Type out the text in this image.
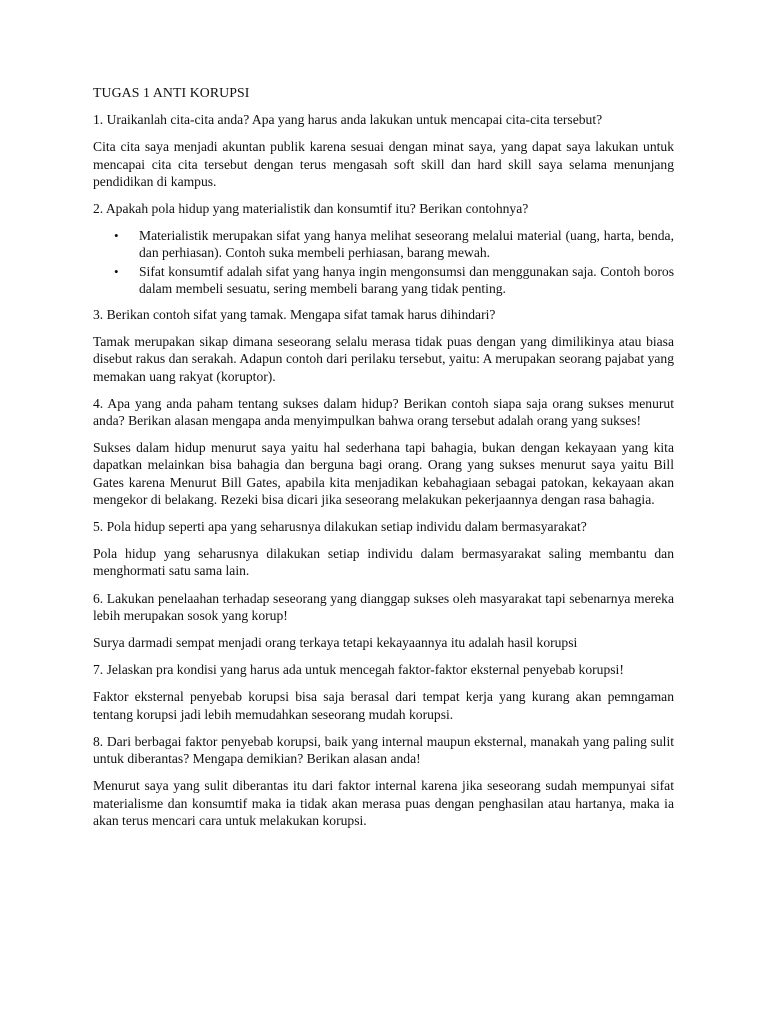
TUGAS 1 ANTI KORUPSI

1. Uraikanlah cita-cita anda? Apa yang harus anda lakukan untuk mencapai cita-cita tersebut?

Cita cita saya menjadi akuntan publik karena sesuai dengan minat saya, yang dapat saya lakukan untuk mencapai cita cita tersebut dengan terus mengasah soft skill dan hard skill saya selama menunjang pendidikan di kampus.

2. Apakah pola hidup yang materialistik dan konsumtif itu? Berikan contohnya?

• Materialistik merupakan sifat yang hanya melihat seseorang melalui material (uang, harta, benda, dan perhiasan). Contoh suka membeli perhiasan, barang mewah.
• Sifat konsumtif adalah sifat yang hanya ingin mengonsumsi dan menggunakan saja. Contoh boros dalam membeli sesuatu, sering membeli barang yang tidak penting.

3. Berikan contoh sifat yang tamak. Mengapa sifat tamak harus dihindari?

Tamak merupakan sikap dimana seseorang selalu merasa tidak puas dengan yang dimilikinya atau biasa disebut rakus dan serakah. Adapun contoh dari perilaku tersebut, yaitu: A merupakan seorang pajabat yang memakan uang rakyat (koruptor).

4. Apa yang anda paham tentang sukses dalam hidup? Berikan contoh siapa saja orang sukses menurut anda? Berikan alasan mengapa anda menyimpulkan bahwa orang tersebut adalah orang yang sukses!

Sukses dalam hidup menurut saya yaitu hal sederhana tapi bahagia, bukan dengan kekayaan yang kita dapatkan melainkan bisa bahagia dan berguna bagi orang. Orang yang sukses menurut saya yaitu Bill Gates karena Menurut Bill Gates, apabila kita menjadikan kebahagiaan sebagai patokan, kekayaan akan mengekor di belakang. Rezeki bisa dicari jika seseorang melakukan pekerjaannya dengan rasa bahagia.

5. Pola hidup seperti apa yang seharusnya dilakukan setiap individu dalam bermasyarakat?

Pola hidup yang seharusnya dilakukan setiap individu dalam bermasyarakat saling membantu dan menghormati satu sama lain.

6. Lakukan penelaahan terhadap seseorang yang dianggap sukses oleh masyarakat tapi sebenarnya mereka lebih merupakan sosok yang korup!

Surya darmadi sempat menjadi orang terkaya tetapi kekayaannya itu adalah hasil korupsi

7. Jelaskan pra kondisi yang harus ada untuk mencegah faktor-faktor eksternal penyebab korupsi!

Faktor eksternal penyebab korupsi bisa saja berasal dari tempat kerja yang kurang akan pemngaman tentang korupsi jadi lebih memudahkan seseorang mudah korupsi.

8. Dari berbagai faktor penyebab korupsi, baik yang internal maupun eksternal, manakah yang paling sulit untuk diberantas? Mengapa demikian? Berikan alasan anda!

Menurut saya yang sulit diberantas itu dari faktor internal karena jika seseorang sudah mempunyai sifat materialisme dan konsumtif maka ia tidak akan merasa puas dengan penghasilan atau hartanya, maka ia akan terus mencari cara untuk melakukan korupsi.
